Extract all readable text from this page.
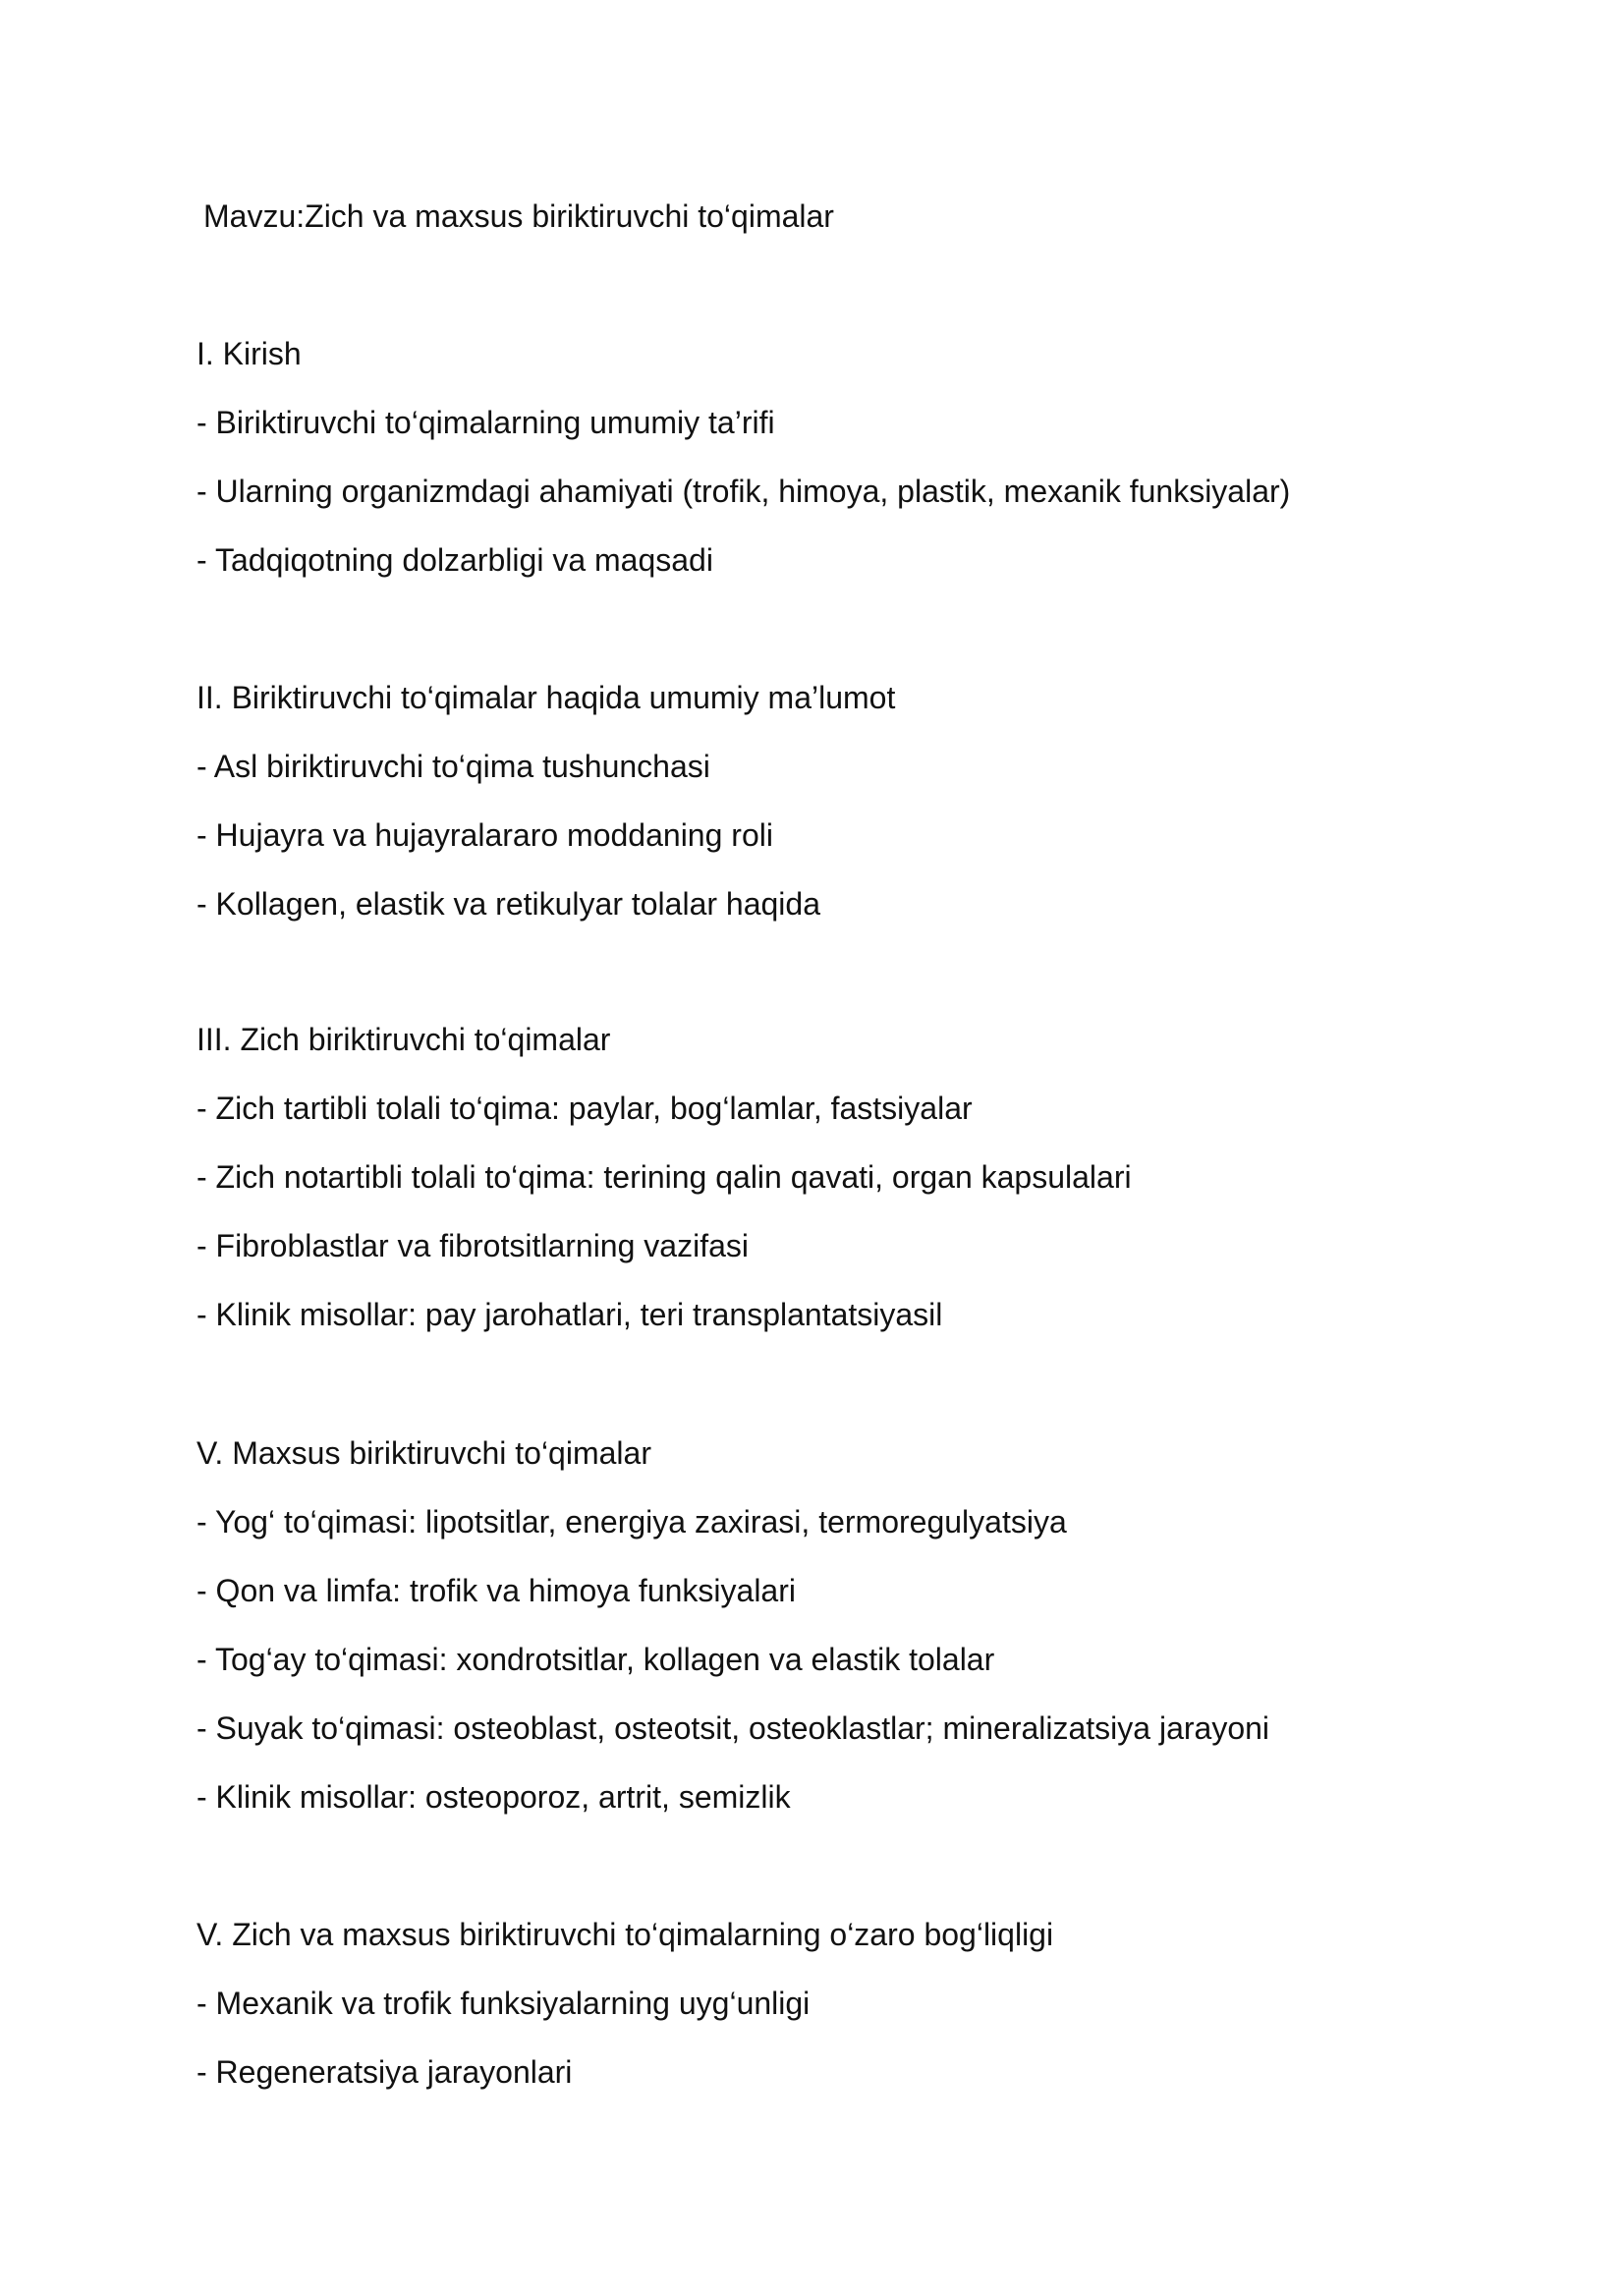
Mavzu:Zich va maxsus biriktiruvchi to‘qimalar
I. Kirish
- Biriktiruvchi to‘qimalarning umumiy ta’rifi
- Ularning organizmdagi ahamiyati (trofik, himoya, plastik, mexanik funksiyalar)
- Tadqiqotning dolzarbligi va maqsadi
II. Biriktiruvchi to‘qimalar haqida umumiy ma’lumot
- Asl biriktiruvchi to‘qima tushunchasi
- Hujayra va hujayralararo moddaning roli
- Kollagen, elastik va retikulyar tolalar haqida
III. Zich biriktiruvchi to‘qimalar
- Zich tartibli tolali to‘qima: paylar, bog‘lamlar, fastsiyalar
- Zich notartibli tolali to‘qima: terining qalin qavati, organ kapsulalari
- Fibroblastlar va fibrotsitlarning vazifasi
- Klinik misollar: pay jarohatlari, teri transplantatsiyasil
V. Maxsus biriktiruvchi to‘qimalar
- Yog‘ to‘qimasi: lipotsitlar, energiya zaxirasi, termoregulyatsiya
- Qon va limfa: trofik va himoya funksiyalari
- Tog‘ay to‘qimasi: xondrotsitlar, kollagen va elastik tolalar
- Suyak to‘qimasi: osteoblast, osteotsit, osteoklastlar; mineralizatsiya jarayoni
- Klinik misollar: osteoporoz, artrit, semizlik
V. Zich va maxsus biriktiruvchi to‘qimalarning o‘zaro bog‘liqligi
- Mexanik va trofik funksiyalarning uyg‘unligi
- Regeneratsiya jarayonlari
